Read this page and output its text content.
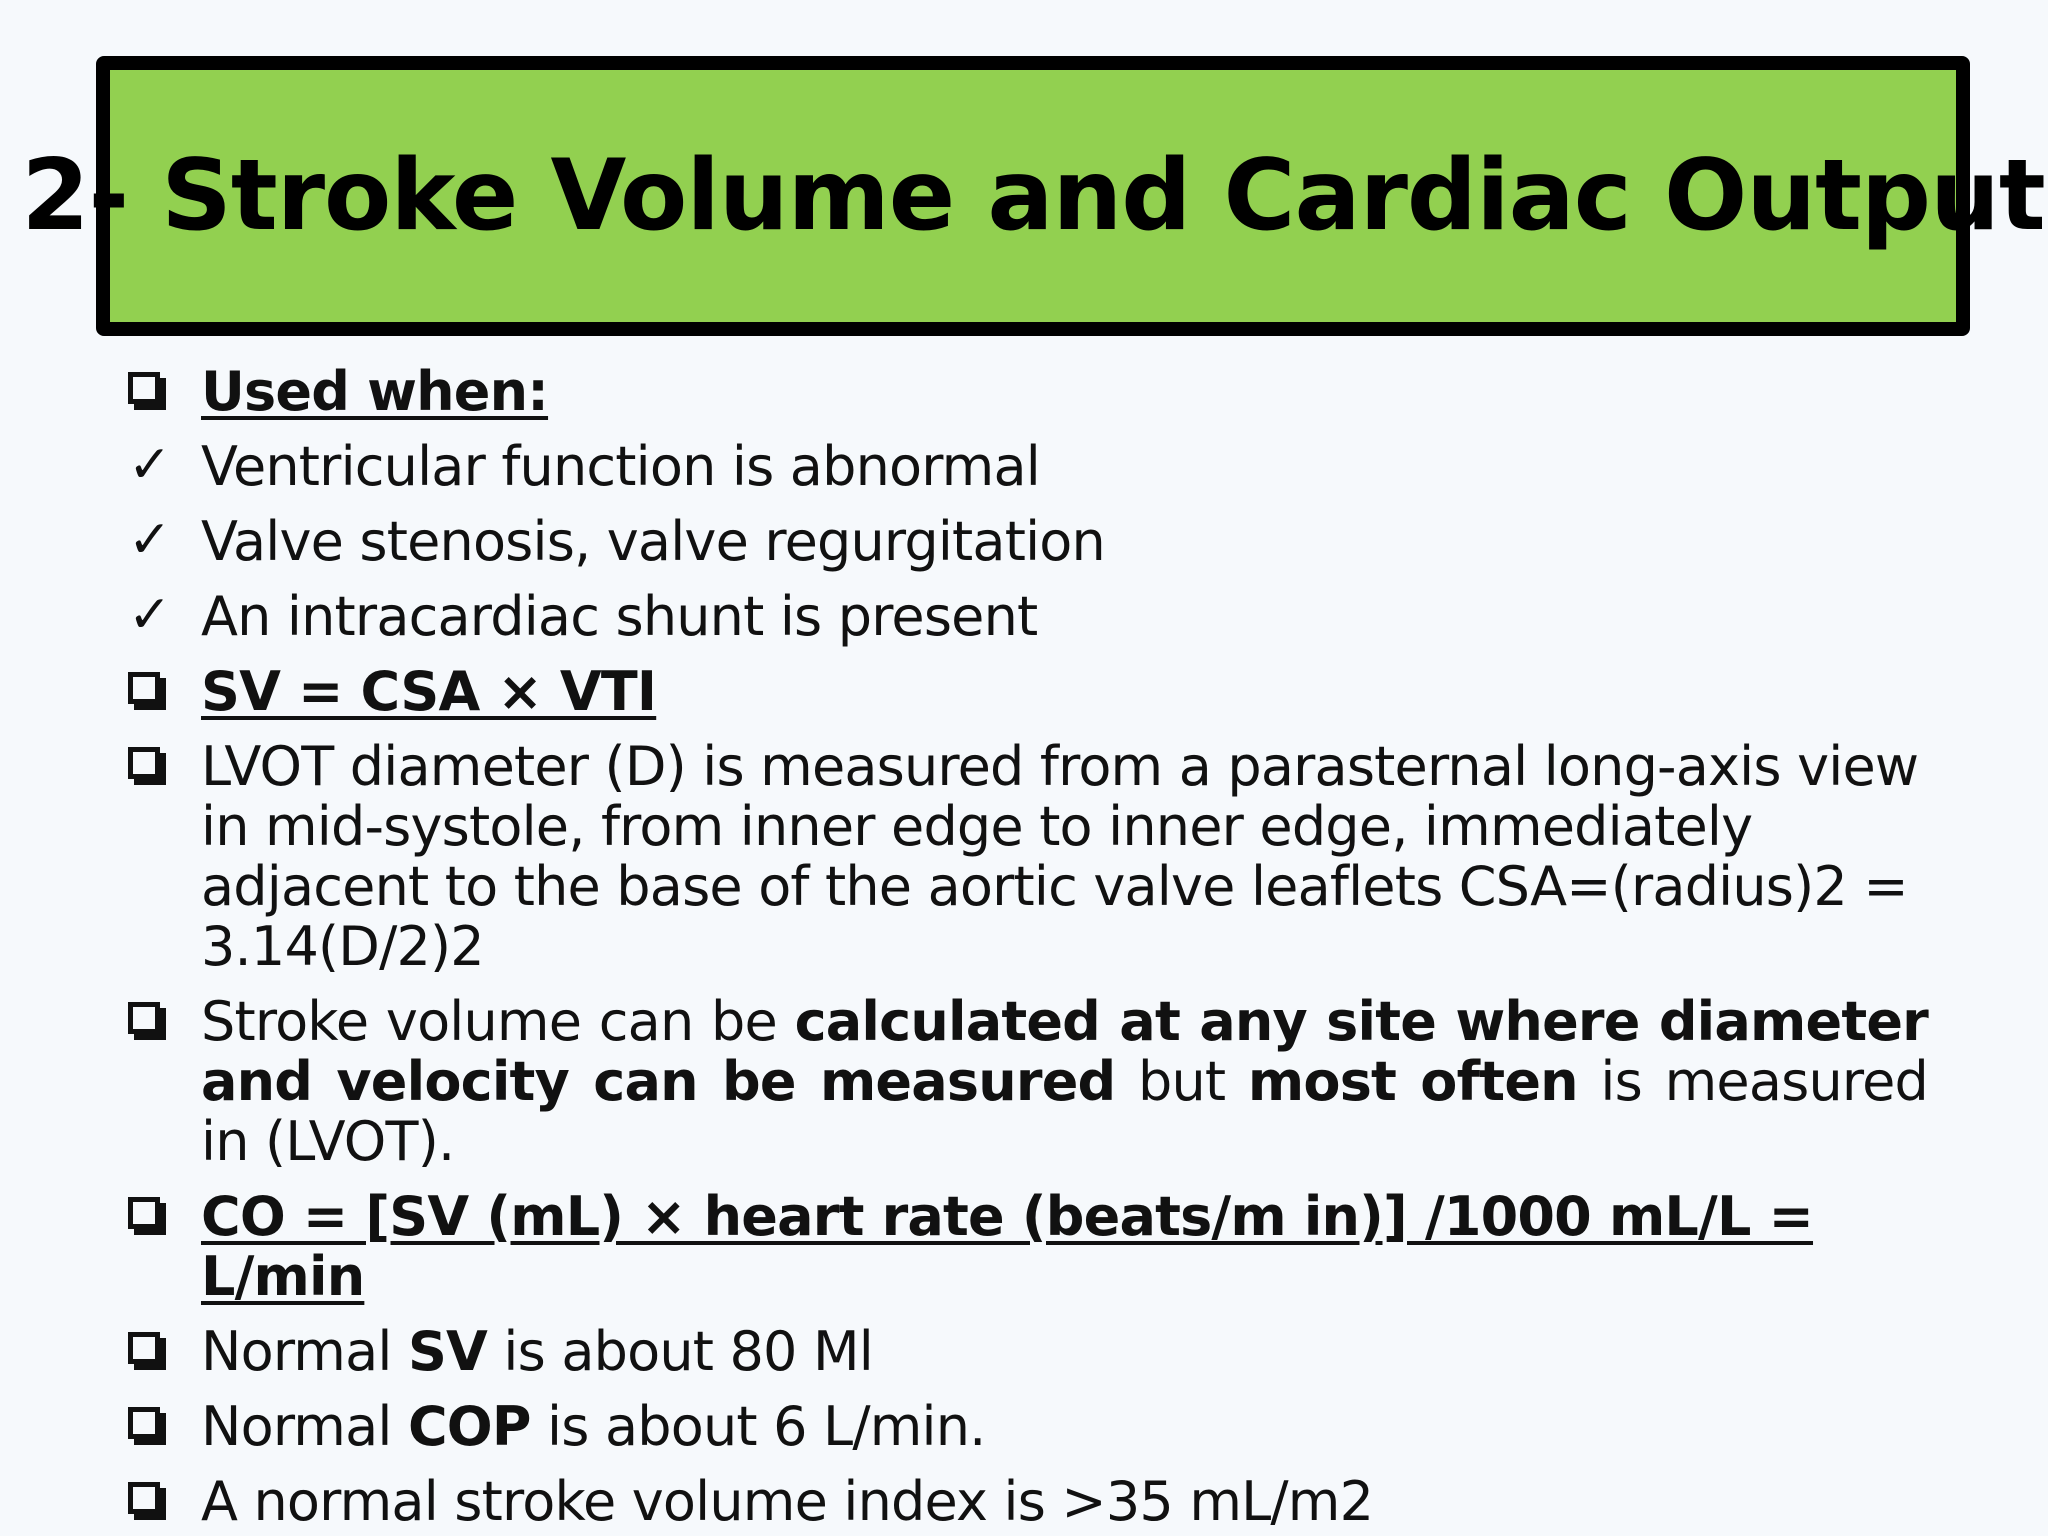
2- Stroke Volume and Cardiac Output
Used when:
✓ Ventricular function is abnormal
✓ Valve stenosis, valve regurgitation
✓ An intracardiac shunt is present
SV = CSA × VTI
LVOT diameter (D) is measured from a parasternal long-axis view in mid-systole, from inner edge to inner edge, immediately adjacent to the base of the aortic valve leaflets CSA=(radius)2 = 3.14(D/2)2
Stroke volume can be calculated at any site where diameter and velocity can be measured but most often is measured in (LVOT).
CO = [SV (mL) × heart rate (beats/m in)] /1000 mL/L = L/min
Normal SV is about 80 Ml
Normal COP is about 6 L/min.
A normal stroke volume index is >35 mL/m2
